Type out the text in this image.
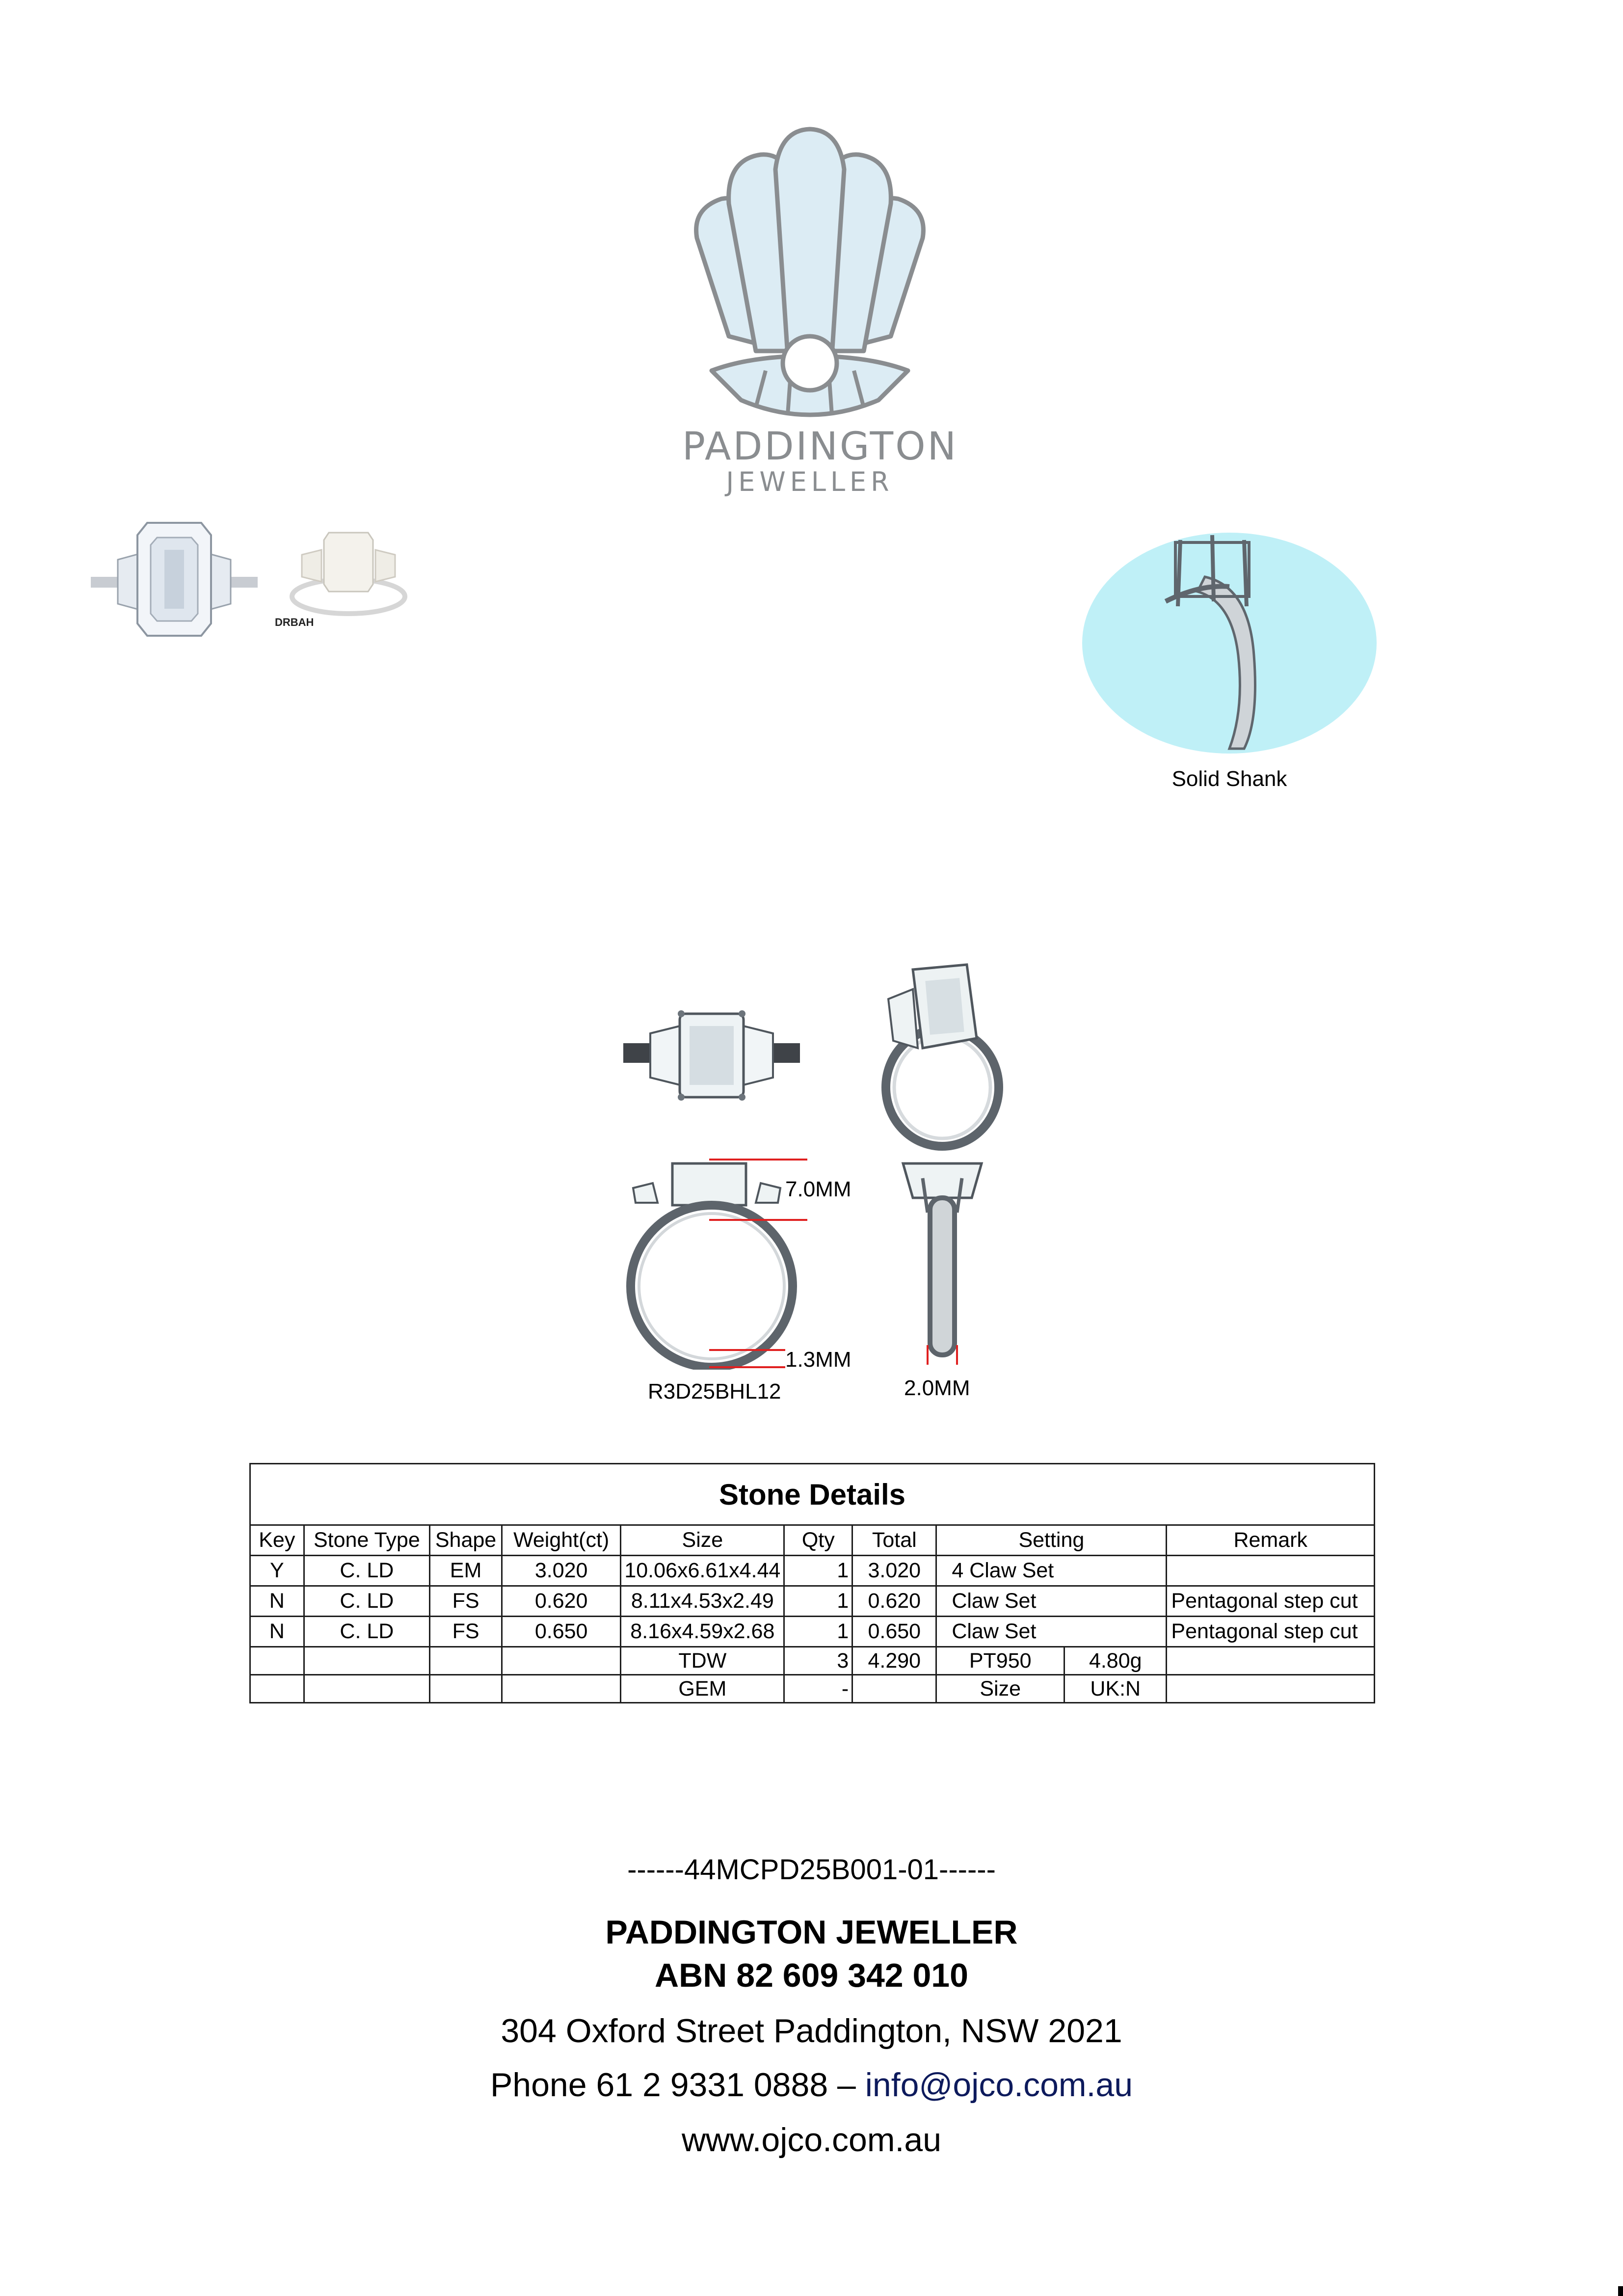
PADDINGTON
JEWELLER
DRBAH
Solid Shank
7.0MM
1.3MM
2.0MM
R3D25BHL12
Stone Details									
Key	Stone Type	Shape	Weight(ct)	Size	Qty	Total	Setting		Remark
Y	C. LD	EM	3.020	10.06x6.61x4.44	1	3.020	4 Claw Set		
N	C. LD	FS	0.620	8.11x4.53x2.49	1	0.620	Claw Set		Pentagonal step cut
N	C. LD	FS	0.650	8.16x4.59x2.68	1	0.650	Claw Set		Pentagonal step cut
				TDW	3	4.290	PT950	4.80g	
				GEM	-		Size	UK:N	
------44MCPD25B001-01------
PADDINGTON JEWELLER
ABN 82 609 342 010
304 Oxford Street Paddington, NSW 2021
Phone 61 2 9331 0888 – info@ojco.com.au
www.ojco.com.au
